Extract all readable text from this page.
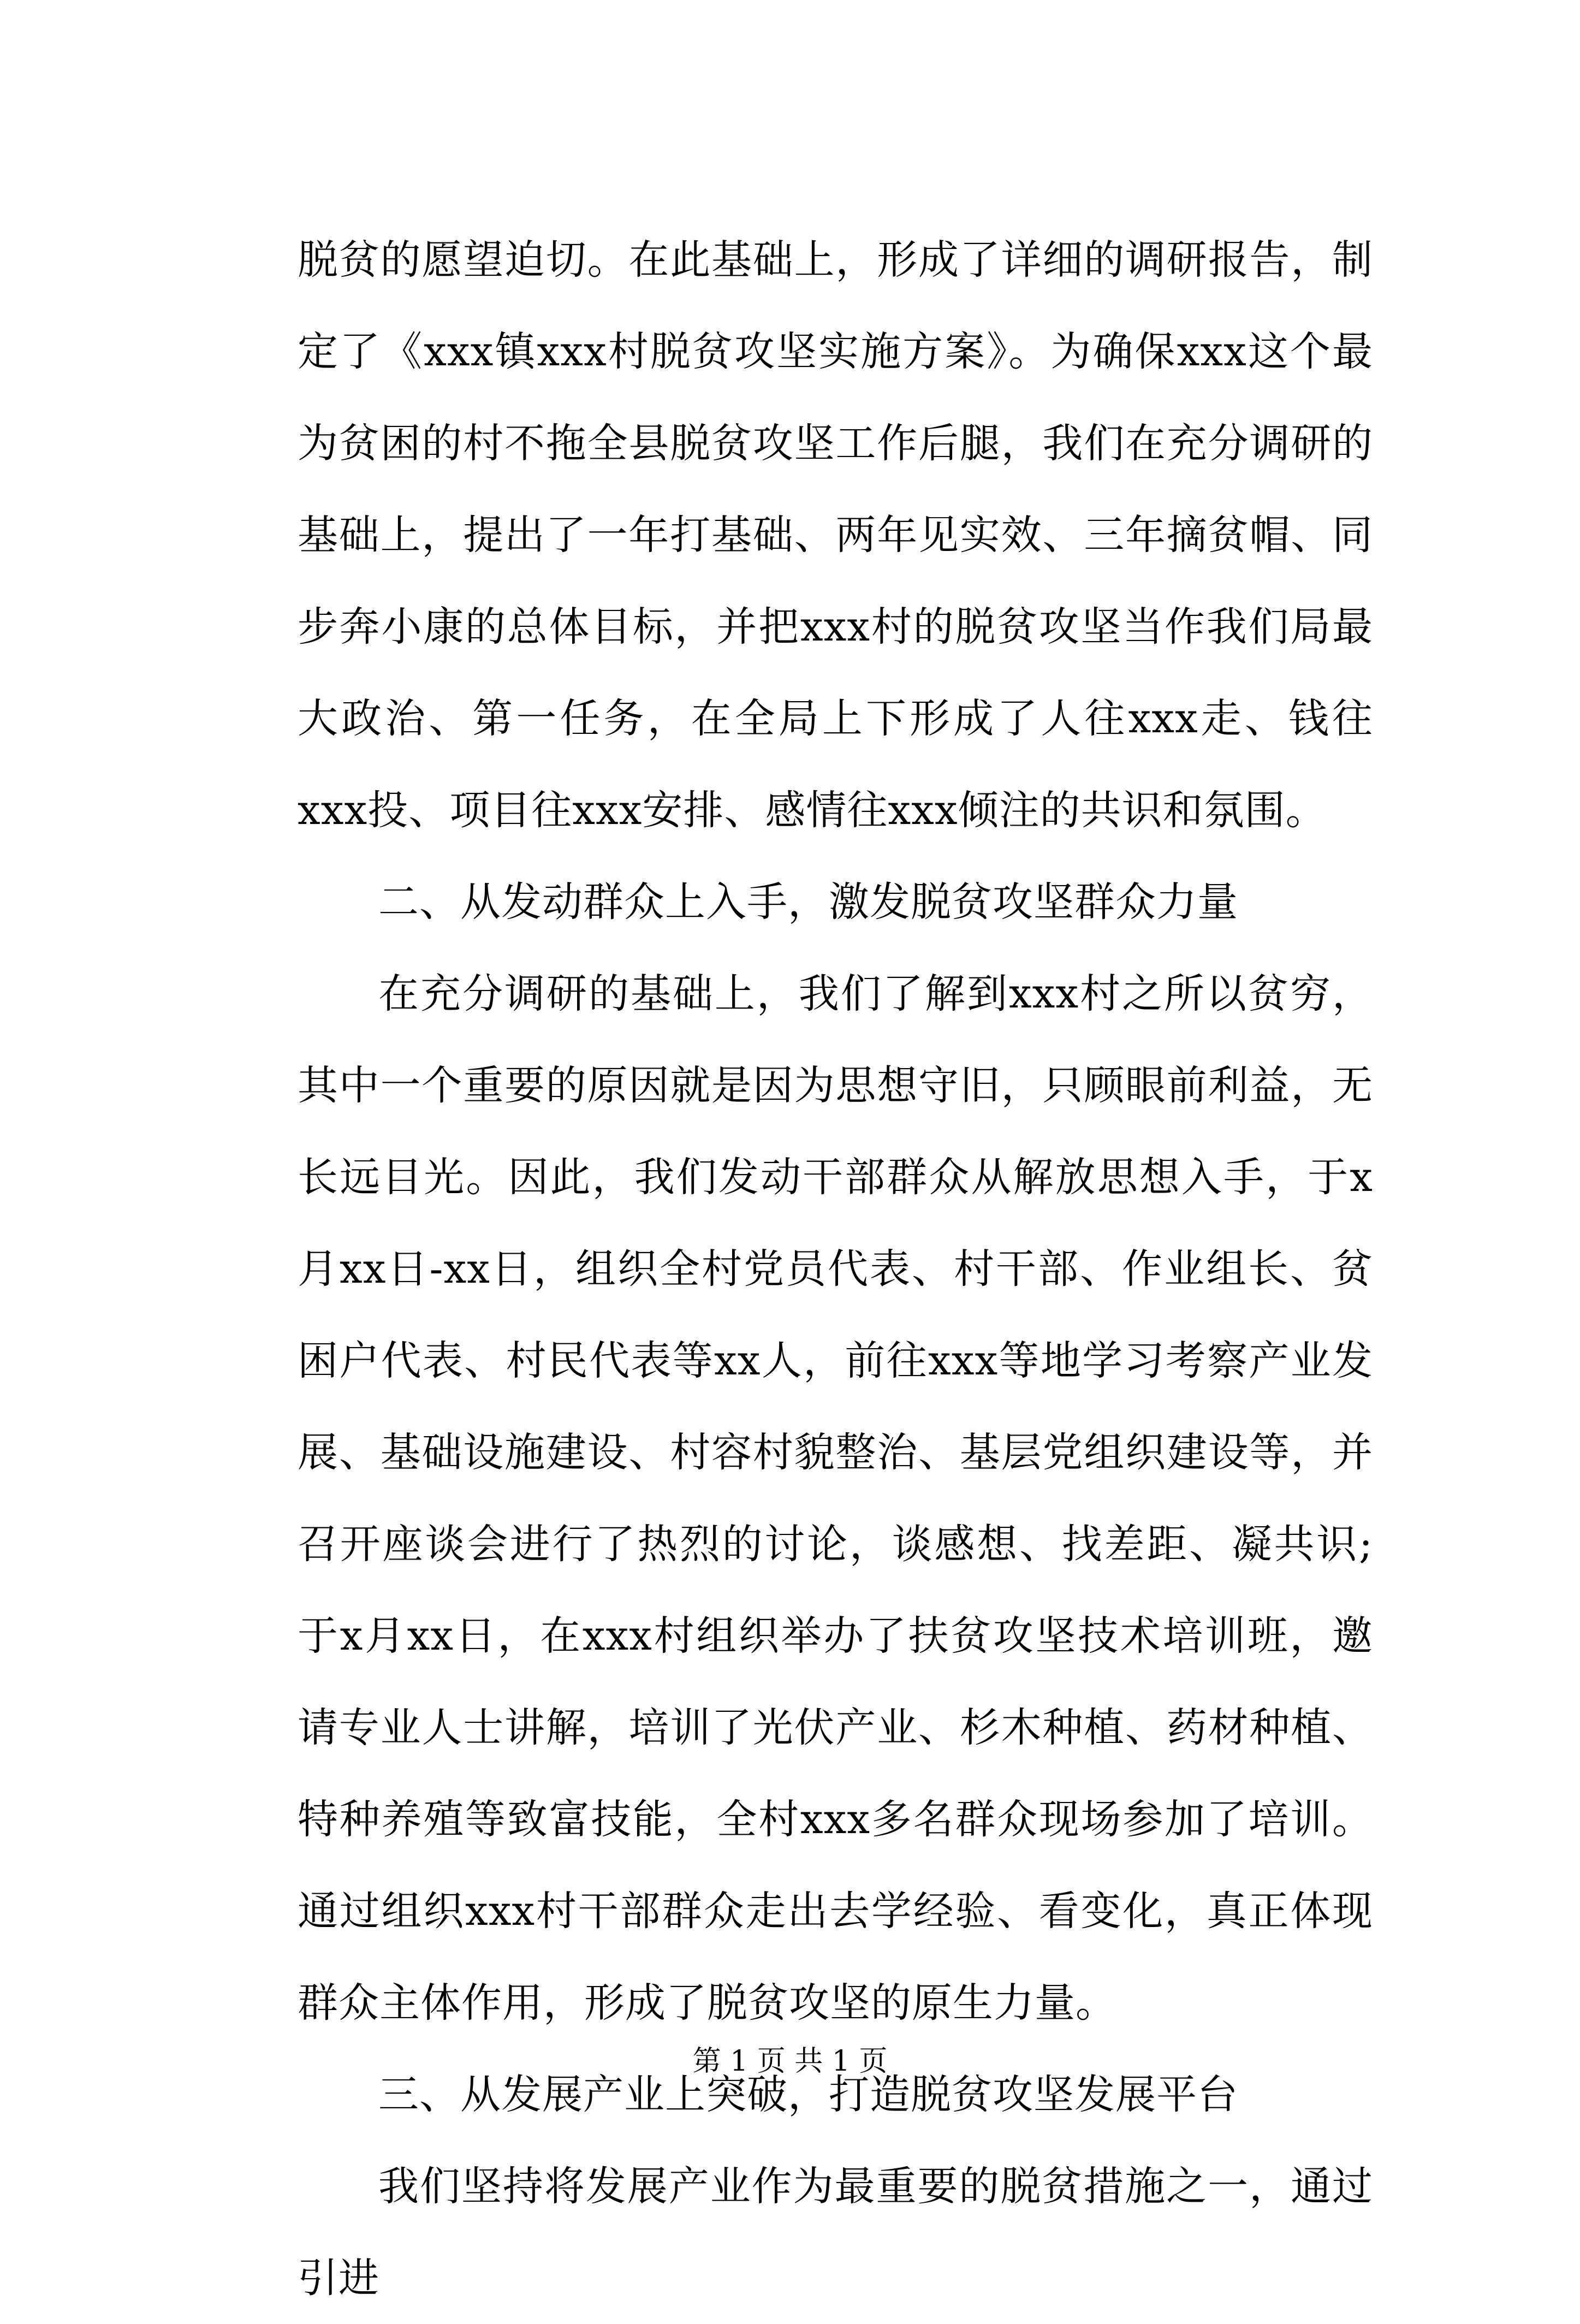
脱贫的愿望迫切。在此基础上，形成了详细的调研报告，制定了《xxx镇xxx村脱贫攻坚实施方案》。为确保xxx这个最为贫困的村不拖全县脱贫攻坚工作后腿，我们在充分调研的基础上，提出了一年打基础、两年见实效、三年摘贫帽、同步奔小康的总体目标，并把xxx村的脱贫攻坚当作我们局最大政治、第一任务，在全局上下形成了人往xxx走、钱往xxx投、项目往xxx安排、感情往xxx倾注的共识和氛围。

二、从发动群众上入手，激发脱贫攻坚群众力量

在充分调研的基础上，我们了解到xxx村之所以贫穷，其中一个重要的原因就是因为思想守旧，只顾眼前利益，无长远目光。因此，我们发动干部群众从解放思想入手，于x月xx日-xx日，组织全村党员代表、村干部、作业组长、贫困户代表、村民代表等xx人，前往xxx等地学习考察产业发展、基础设施建设、村容村貌整治、基层党组织建设等，并召开座谈会进行了热烈的讨论，谈感想、找差距、凝共识;于x月xx日，在xxx村组织举办了扶贫攻坚技术培训班，邀请专业人士讲解，培训了光伏产业、杉木种植、药材种植、特种养殖等致富技能，全村xxx多名群众现场参加了培训。通过组织xxx村干部群众走出去学经验、看变化，真正体现群众主体作用，形成了脱贫攻坚的原生力量。

三、从发展产业上突破，打造脱贫攻坚发展平台

我们坚持将发展产业作为最重要的脱贫措施之一，通过引进

第 1 页 共 1 页
